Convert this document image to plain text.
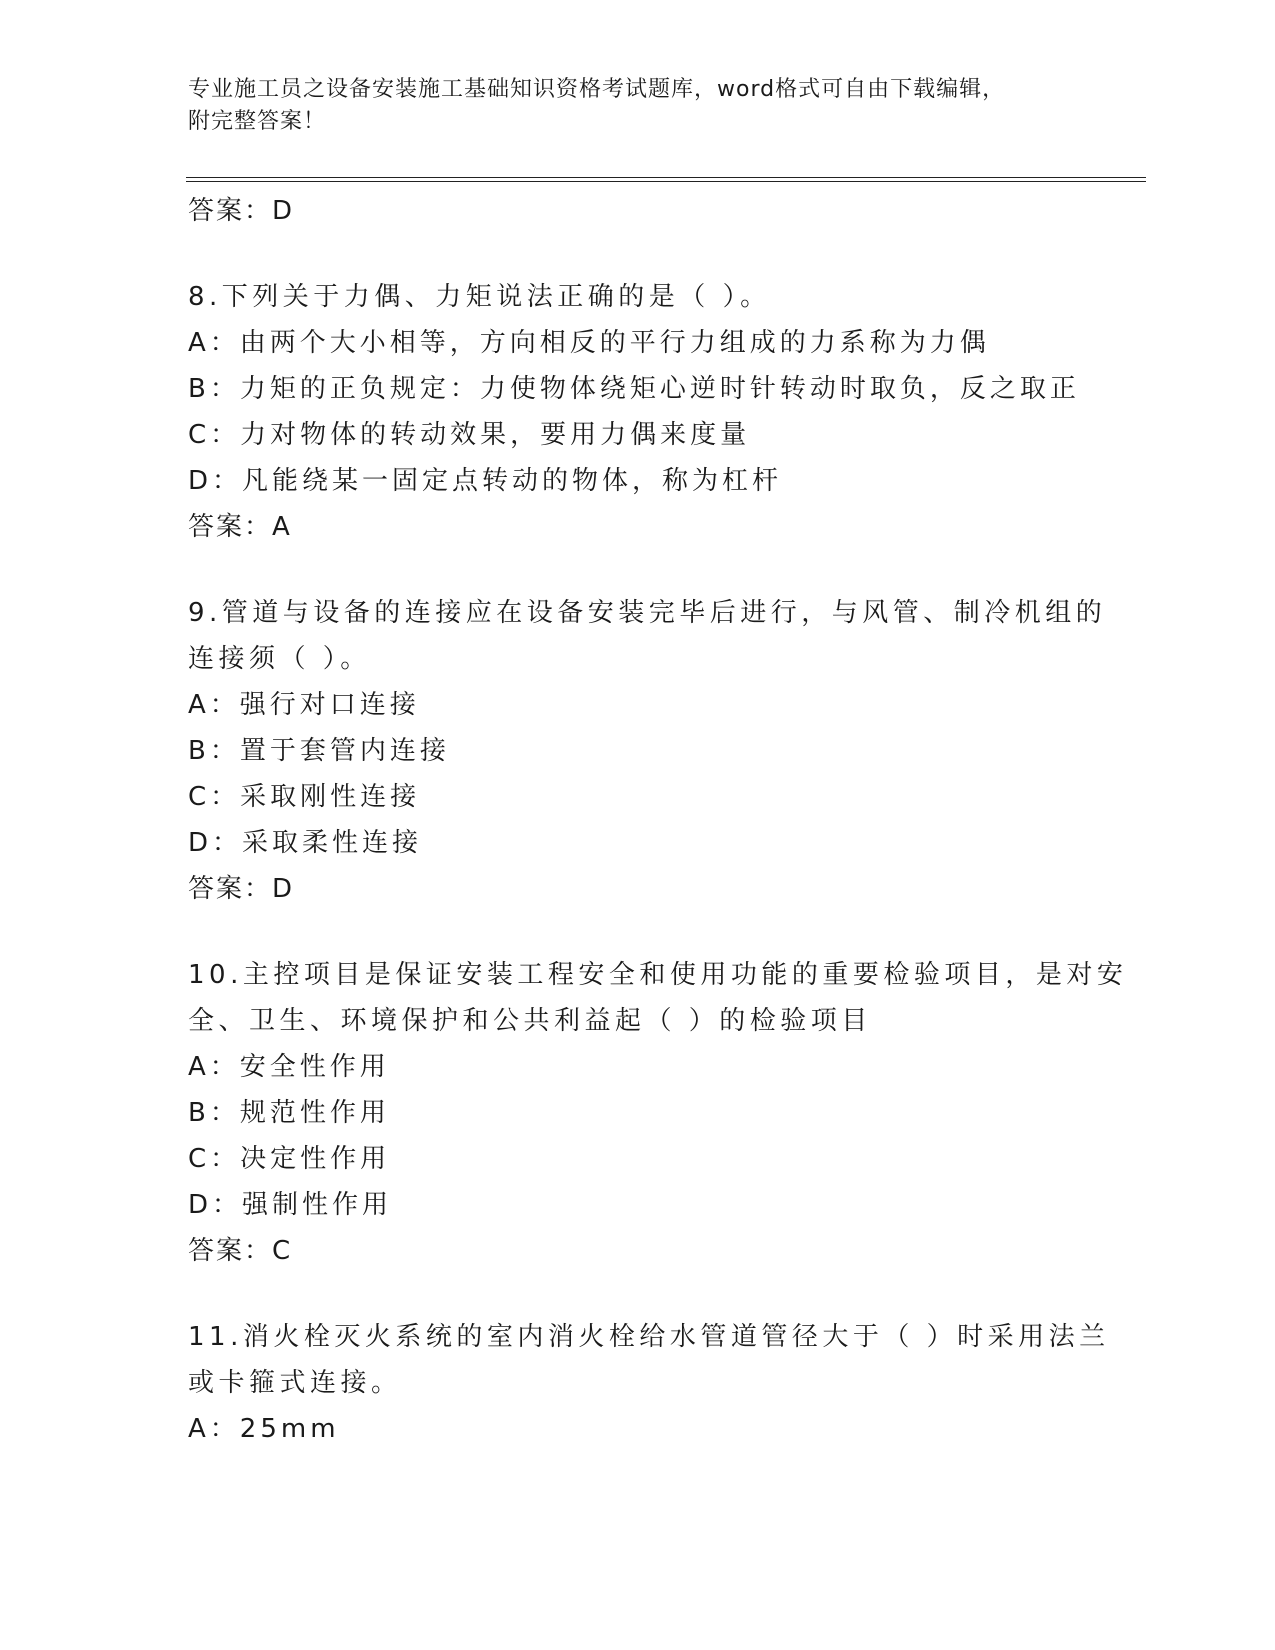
专业施工员之设备安装施工基础知识资格考试题库，word格式可自由下载编辑，
附完整答案！

答案：D
8.下列关于力偶、力矩说法正确的是（ ）。
A：由两个大小相等，方向相反的平行力组成的力系称为力偶
B：力矩的正负规定：力使物体绕矩心逆时针转动时取负，反之取正
C：力对物体的转动效果，要用力偶来度量
D：凡能绕某一固定点转动的物体，称为杠杆
答案：A
9.管道与设备的连接应在设备安装完毕后进行，与风管、制冷机组的
连接须（ ）。
A：强行对口连接
B：置于套管内连接
C：采取刚性连接
D：采取柔性连接
答案：D
10.主控项目是保证安装工程安全和使用功能的重要检验项目，是对安
全、卫生、环境保护和公共利益起（ ）的检验项目
A：安全性作用
B：规范性作用
C：决定性作用
D：强制性作用
答案：C
11.消火栓灭火系统的室内消火栓给水管道管径大于（ ）时采用法兰
或卡箍式连接。
A：25mm
